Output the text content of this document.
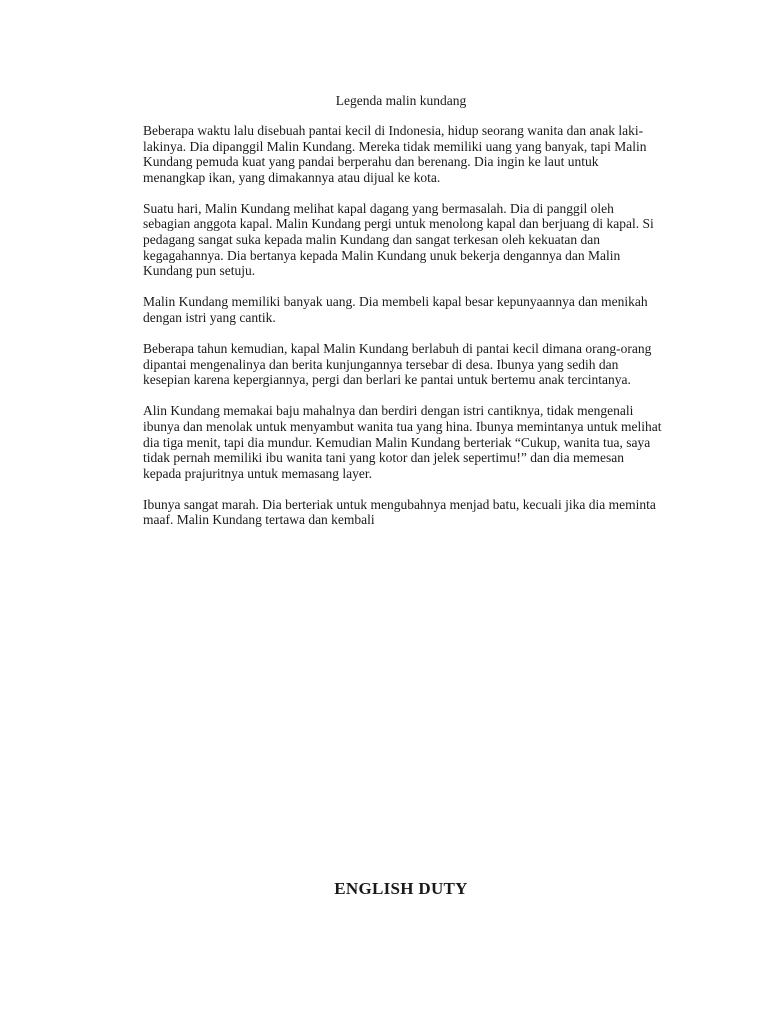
Legenda malin kundang

Beberapa waktu lalu disebuah pantai kecil di Indonesia, hidup seorang wanita dan anak laki-lakinya. Dia dipanggil Malin Kundang. Mereka tidak memiliki uang yang banyak, tapi Malin Kundang pemuda kuat yang pandai berperahu dan berenang. Dia ingin ke laut untuk menangkap ikan, yang dimakannya atau dijual ke kota.

Suatu hari, Malin Kundang melihat kapal dagang yang bermasalah. Dia di panggil oleh sebagian anggota kapal. Malin Kundang pergi untuk menolong kapal dan berjuang di kapal. Si pedagang sangat suka kepada malin Kundang dan sangat terkesan oleh kekuatan dan kegagahannya. Dia bertanya kepada Malin Kundang unuk bekerja dengannya dan Malin Kundang pun setuju.

Malin Kundang memiliki banyak uang. Dia membeli kapal besar kepunyaannya dan menikah dengan istri yang cantik.

Beberapa tahun kemudian, kapal Malin Kundang berlabuh di pantai kecil dimana orang-orang dipantai mengenalinya dan berita kunjungannya tersebar di desa. Ibunya yang sedih dan kesepian karena kepergiannya, pergi dan berlari ke pantai untuk bertemu anak tercintanya.

Alin Kundang memakai baju mahalnya dan berdiri dengan istri cantiknya, tidak mengenali ibunya dan menolak untuk menyambut wanita tua yang hina. Ibunya memintanya untuk melihat dia tiga menit, tapi dia mundur. Kemudian Malin Kundang berteriak “Cukup, wanita tua, saya tidak pernah memiliki ibu wanita tani yang kotor dan jelek sepertimu!” dan dia memesan kepada prajuritnya untuk memasang layer.

Ibunya sangat marah. Dia berteriak untuk mengubahnya menjad batu, kecuali jika dia meminta maaf. Malin Kundang tertawa dan kembali

ENGLISH DUTY
